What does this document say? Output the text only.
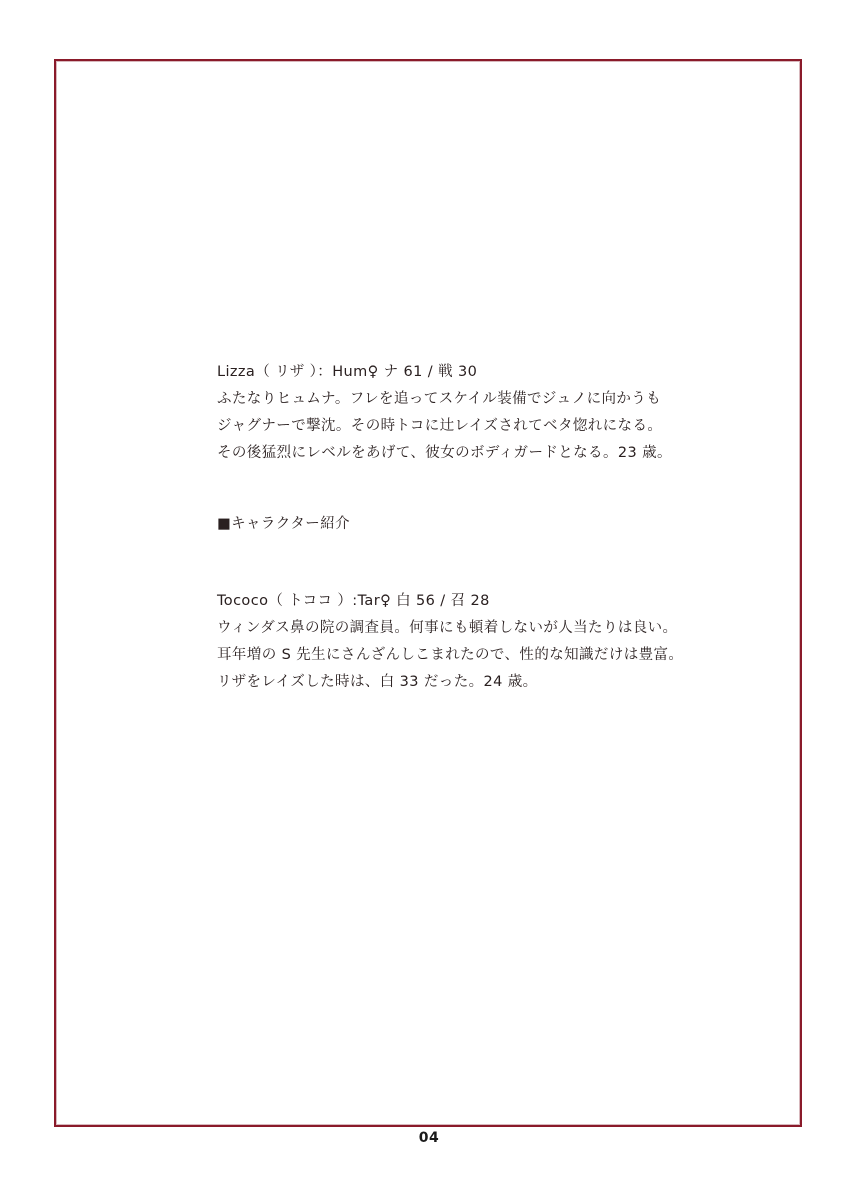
Lizza（ リザ ）：Hum♀ ナ 61 / 戦 30

ふたなりヒュムナ。フレを追ってスケイル装備でジュノに向かうも

ジャグナーで撃沈。その時トコに辻レイズされてベタ惚れになる。

その後猛烈にレベルをあげて、彼女のボディガードとなる。23 歳。

■キャラクター紹介

Tococo（ トココ ）:Tar♀ 白 56 / 召 28

ウィンダス鼻の院の調査員。何事にも頓着しないが人当たりは良い。

耳年増の S 先生にさんざんしこまれたので、性的な知識だけは豊富。

リザをレイズした時は、白 33 だった。24 歳。

04
